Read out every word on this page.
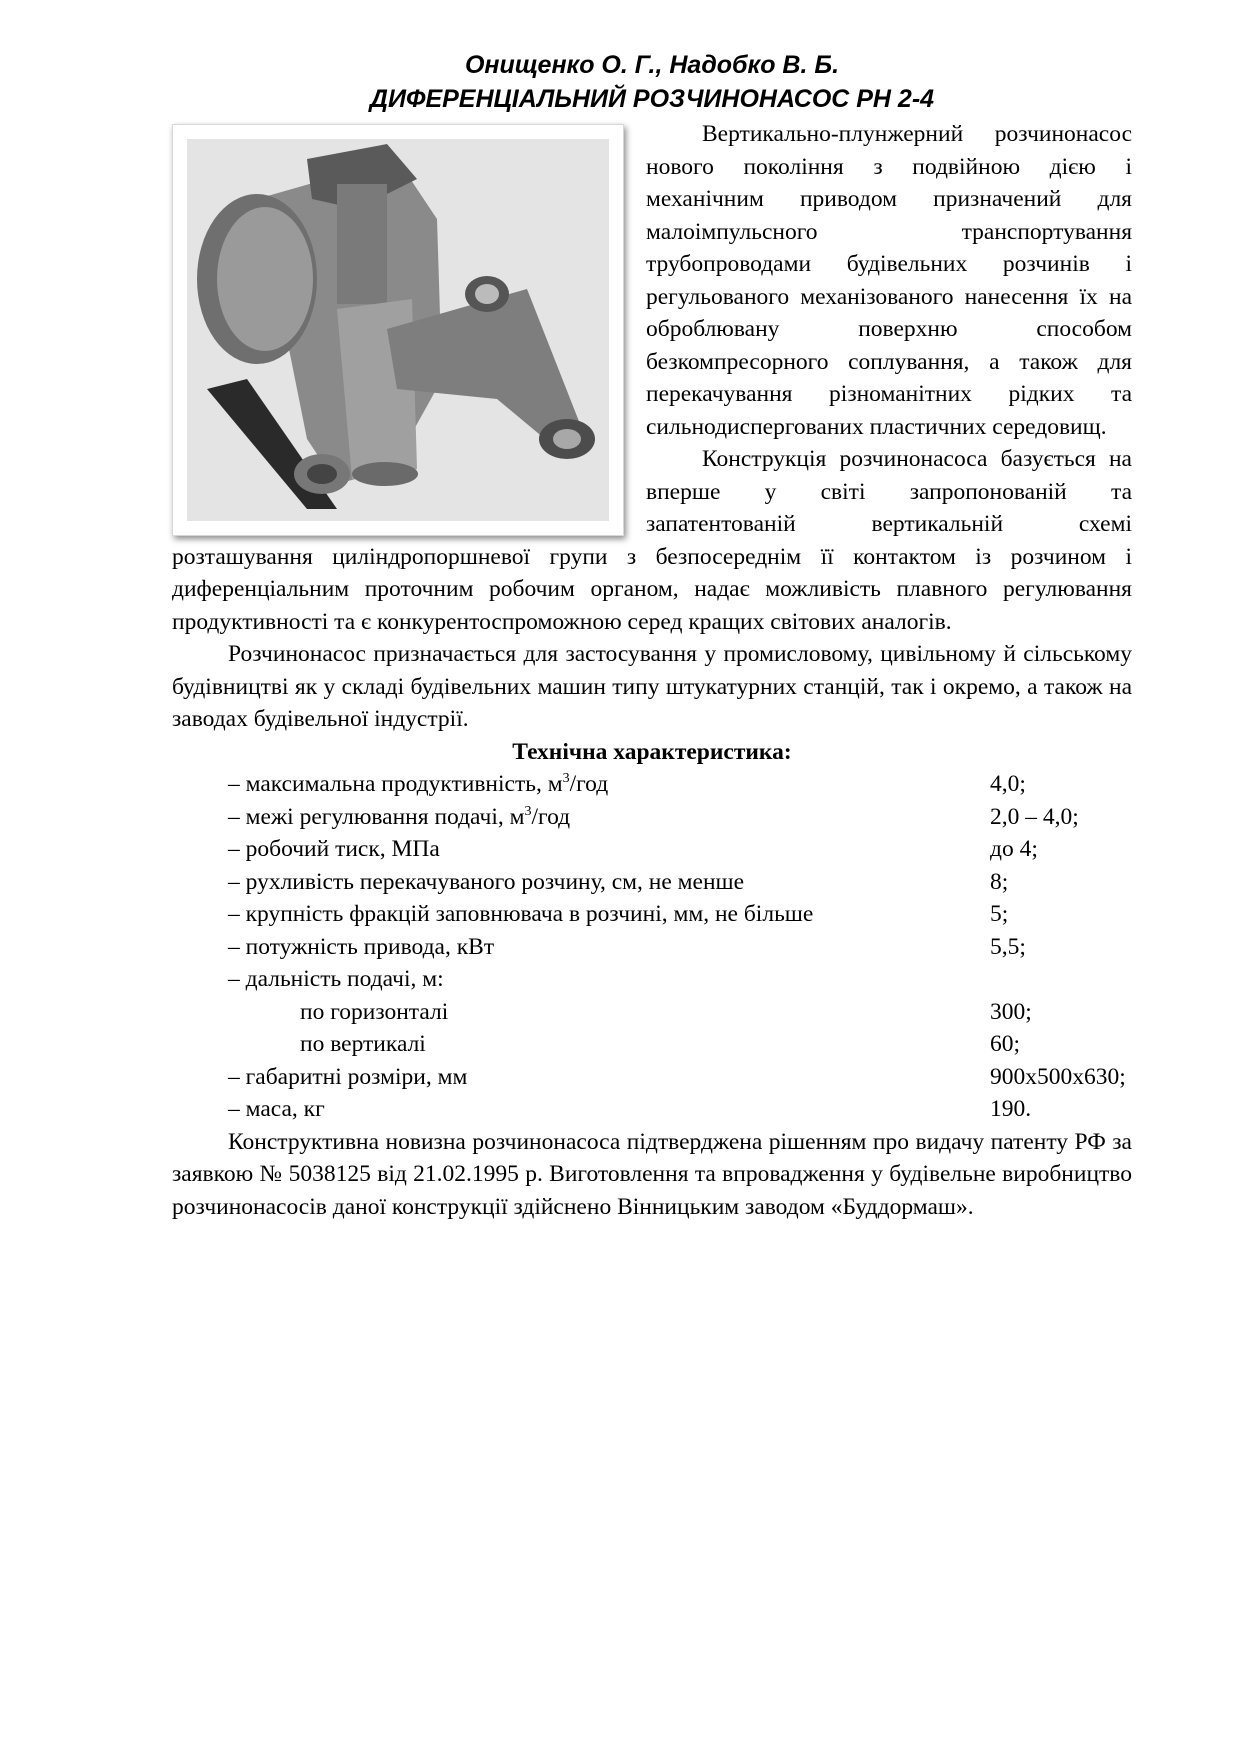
Онищенко О. Г., Надобко В. Б.
ДИФЕРЕНЦІАЛЬНИЙ РОЗЧИНОНАСОС РН 2-4

Вертикально-плунжерний розчинонасос нового покоління з подвійною дією і механічним приводом призначений для малоімпульсного транспортування трубопроводами будівельних розчинів і регульованого механізованого нанесення їх на оброблювану поверхню способом безкомпресорного соплування, а також для перекачування різноманітних рідких та сильнодиспергованих пластичних середовищ.

Конструкція розчинонасоса базується на вперше у світі запропонованій та запатентованій вертикальній схемі розташування циліндропоршневої групи з безпосереднім її контактом із розчином і диференціальним проточним робочим органом, надає можливість плавного регулювання продуктивності та є конкурентоспроможною серед кращих світових аналогів.

Розчинонасос призначається для застосування у промисловому, цивільному й сільському будівництві як у складі будівельних машин типу штукатурних станцій, так і окремо, а також на заводах будівельної індустрії.

Технічна характеристика:

– максимальна продуктивність, $м^3$/год	4,0;
– межі регулювання подачі, $м^3$/год	2,0 – 4,0;
– робочий тиск, МПа	до 4;
– рухливість перекачуваного розчину, см, не менше	8;
– крупність фракцій заповнювача в розчині, мм, не більше	5;
– потужність привода, кВт	5,5;
– дальність подачі, м:	
по горизонталі	300;
по вертикалі	60;
– габаритні розміри, мм	900х500х630;
– маса, кг	190.

Конструктивна новизна розчинонасоса підтверджена рішенням про видачу патенту РФ за заявкою № 5038125 від 21.02.1995 р. Виготовлення та впровадження у будівельне виробництво розчинонасосів даної конструкції здійснено Вінницьким заводом «Буддормаш».
